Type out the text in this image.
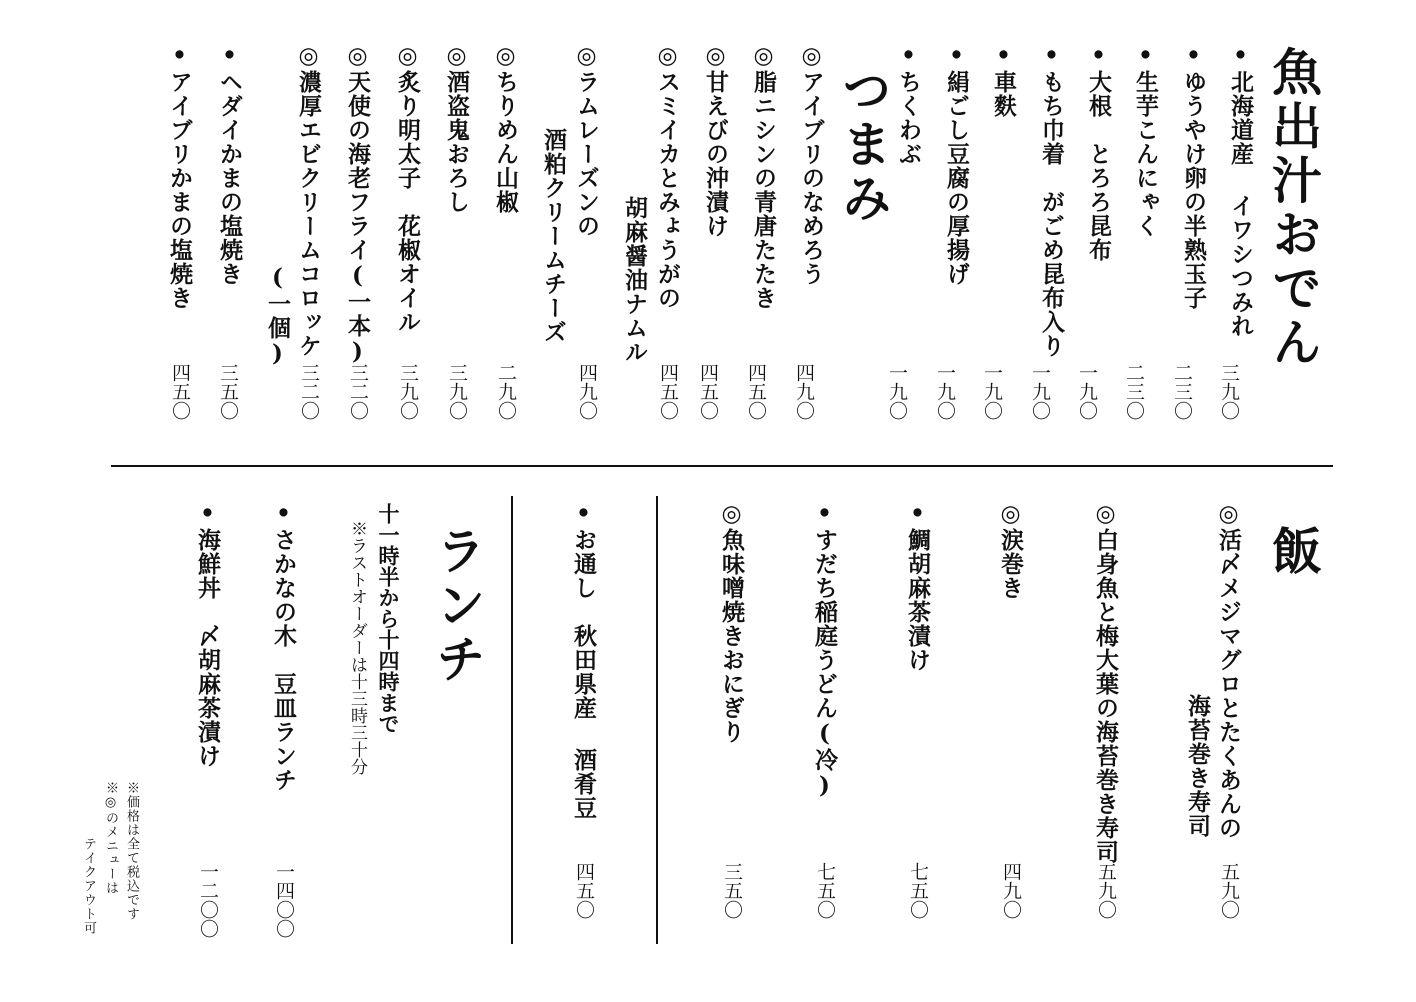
魚出汁おでん
•北海道産 イワシつみれ
三九〇
•ゆうやけ卵の半熟玉子
二三〇
•生芋こんにゃく
二三〇
•大根　とろろ昆布
一九〇
•もち巾着　がごめ昆布入り
一九〇
•車麩
一九〇
•絹ごし豆腐の厚揚げ
一九〇
•ちくわぶ
一九〇
つまみ
◎アイブリのなめろう
四九〇
◎脂ニシンの青唐たたき
四五〇
◎甘えびの沖漬け
四五〇
◎スミイカとみょうがの
胡麻醤油ナムル
四五〇
◎ラムレーズンの
酒粕クリームチーズ
四九〇
◎ちりめん山椒
二九〇
◎酒盗鬼おろし
三九〇
◎炙り明太子　花椒オイル
三九〇
◎天使の海老フライ(一本)
三二〇
◎濃厚エビクリームコロッケ
(一個)
三二〇
•ヘダイかまの塩焼き
三五〇
•アイブリかまの塩焼き
四五〇
飯
◎活〆メジマグロとたくあんの
海苔巻き寿司
五九〇
◎白身魚と梅大葉の海苔巻き寿司
五九〇
◎涙巻き
四九〇
•鯛胡麻茶漬け
七五〇
•すだち稲庭うどん(冷)
七五〇
◎魚味噌焼きおにぎり
三五〇
•お通し　秋田県産 酒肴豆
四五〇
ランチ
十一時半から十四時まで
※ラストオーダーは十三時三十分
•さかなの木　豆皿ランチ
一四〇〇
•海鮮丼　〆胡麻茶漬け
一二〇〇
※価格は全て税込です
※◎のメニューは
テイクアウト可
